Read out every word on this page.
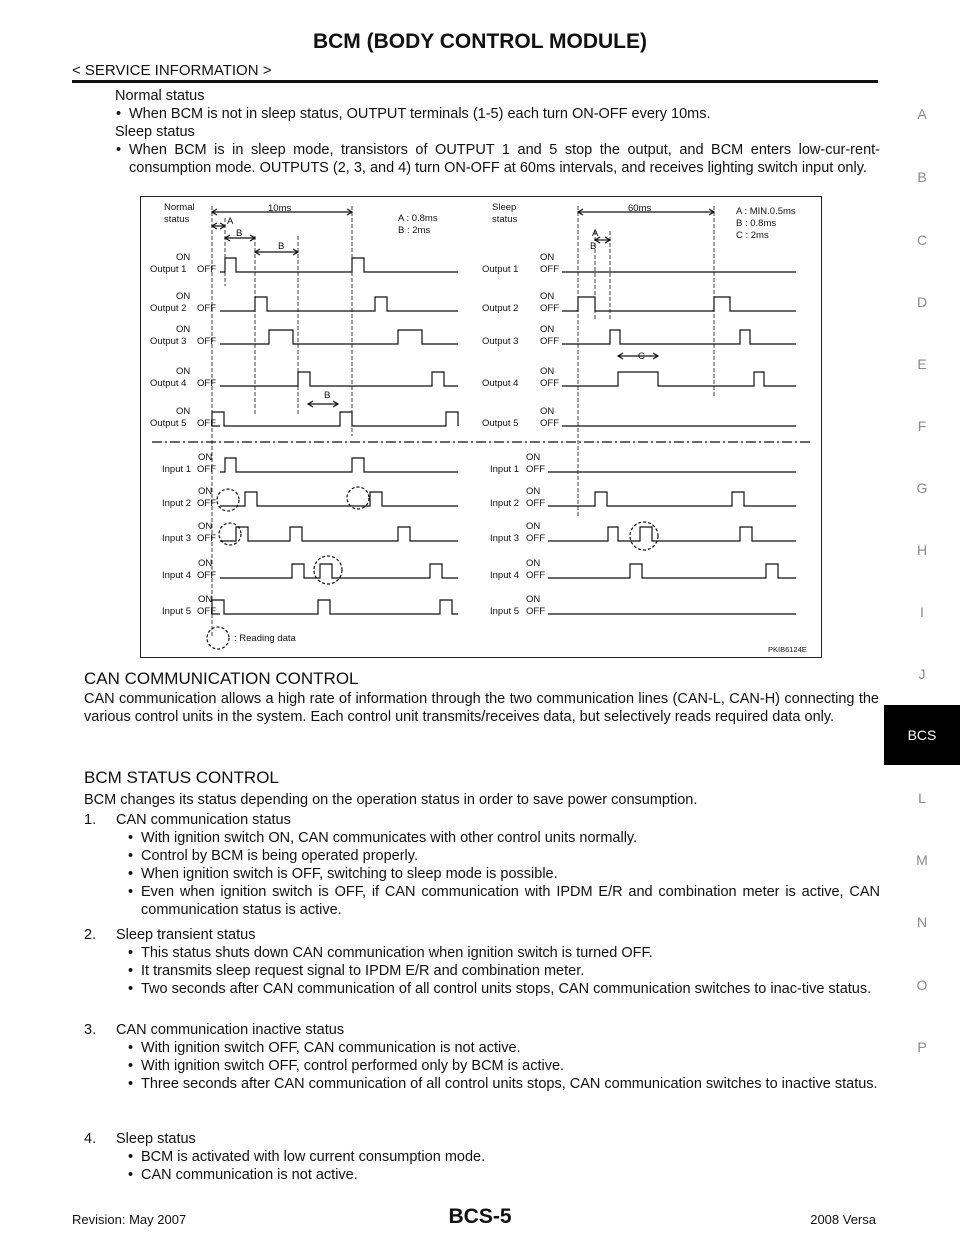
BCM (BODY CONTROL MODULE)
< SERVICE INFORMATION >
Normal status
• When BCM is not in sleep status, OUTPUT terminals (1-5) each turn ON-OFF every 10ms.
Sleep status
• When BCM is in sleep mode, transistors of OUTPUT 1 and 5 stop the output, and BCM enters low-cur-rent-consumption mode. OUTPUTS (2, 3, and 4) turn ON-OFF at 60ms intervals, and receives lighting switch input only.
Normal
status
Sleep
status
10ms	60ms
A : 0.8ms
B : 2ms
A : MIN.0.5ms
B : 0.8ms
C : 2ms
A
B
B
B
A
B
C
ON
Output 1 OFF
ON
Output 1 OFF
ON
Output 2 OFF
ON
Output 2 OFF
ON
Output 3 OFF
ON
Output 3 OFF
ON
Output 4 OFF
ON
Output 4 OFF
ON
Output 5 OFF
ON
Output 5 OFF
ON
Input 1 OFF
ON
Input 1 OFF
ON
Input 2 OFF
ON
Input 2 OFF
ON
Input 3 OFF
ON
Input 3 OFF
ON
Input 4 OFF
ON
Input 4 OFF
ON
Input 5 OFF
ON
Input 5 OFF
: Reading data
PKIB6124E
CAN COMMUNICATION CONTROL
CAN communication allows a high rate of information through the two communication lines (CAN-L, CAN-H) connecting the various control units in the system. Each control unit transmits/receives data, but selectively reads required data only.
BCM STATUS CONTROL
BCM changes its status depending on the operation status in order to save power consumption.
1. CAN communication status
• With ignition switch ON, CAN communicates with other control units normally.
• Control by BCM is being operated properly.
• When ignition switch is OFF, switching to sleep mode is possible.
• Even when ignition switch is OFF, if CAN communication with IPDM E/R and combination meter is active, CAN communication status is active.
2. Sleep transient status
• This status shuts down CAN communication when ignition switch is turned OFF.
• It transmits sleep request signal to IPDM E/R and combination meter.
• Two seconds after CAN communication of all control units stops, CAN communication switches to inac-tive status.
3. CAN communication inactive status
• With ignition switch OFF, CAN communication is not active.
• With ignition switch OFF, control performed only by BCM is active.
• Three seconds after CAN communication of all control units stops, CAN communication switches to inactive status.
4. Sleep status
• BCM is activated with low current consumption mode.
• CAN communication is not active.
A
B
C
D
E
F
G
H
I
J
BCS
L
M
N
O
P
Revision: May 2007	BCS-5	2008 Versa
